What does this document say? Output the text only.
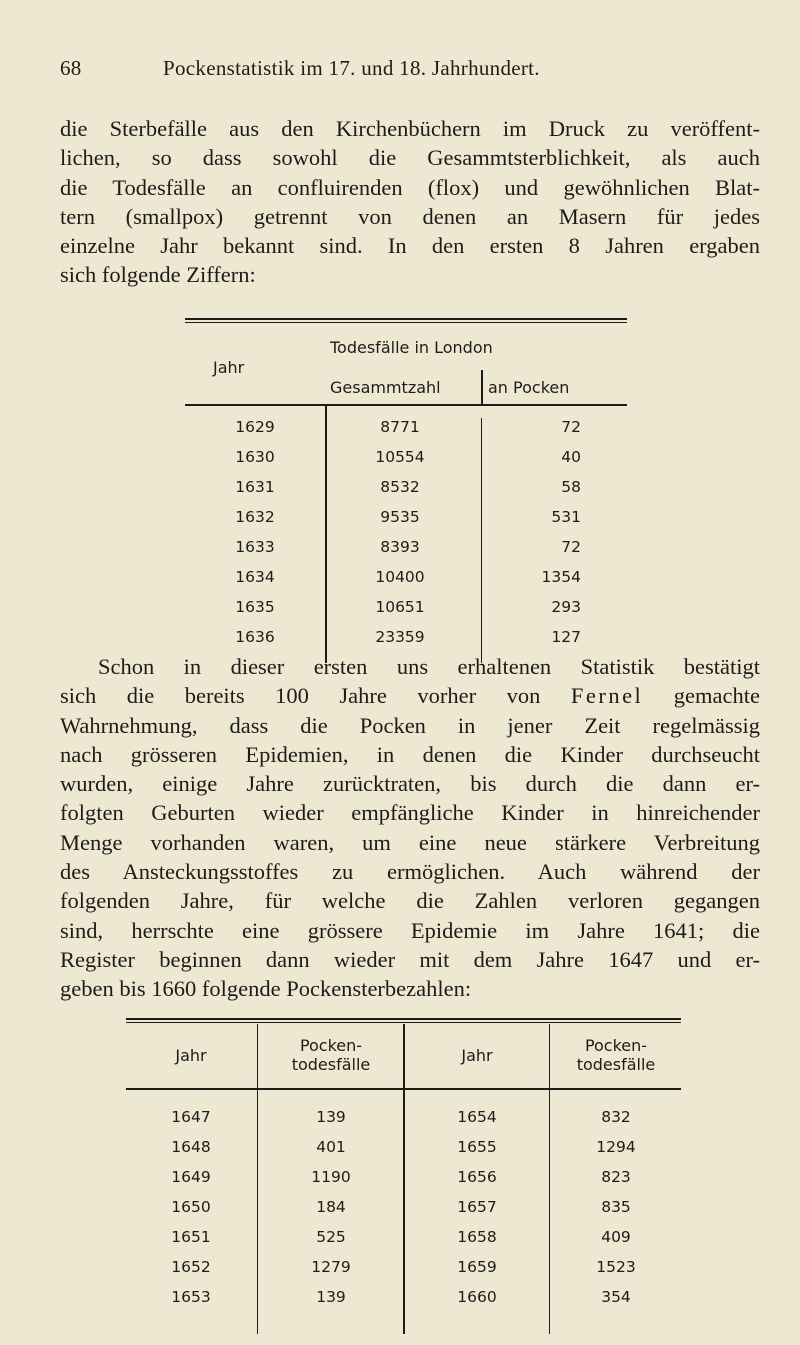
68	Pockenstatistik im 17. und 18. Jahrhundert.
die Sterbefälle aus den Kirchenbüchern im Druck zu veröffent-
lichen, so dass sowohl die Gesammtsterblichkeit, als auch
die Todesfälle an confluirenden (flox) und gewöhnlichen Blat-
tern (smallpox) getrennt von denen an Masern für jedes
einzelne Jahr bekannt sind. In den ersten 8 Jahren ergaben
sich folgende Ziffern:
Jahr
Todesfälle in London
Gesammtzahl	an Pocken
1629	8771	72
1630	10554	40
1631	8532	58
1632	9535	531
1633	8393	72
1634	10400	1354
1635	10651	293
1636	23359	127
Schon in dieser ersten uns erhaltenen Statistik bestätigt
sich die bereits 100 Jahre vorher von Fernel gemachte
Wahrnehmung, dass die Pocken in jener Zeit regelmässig
nach grösseren Epidemien, in denen die Kinder durchseucht
wurden, einige Jahre zurücktraten, bis durch die dann er-
folgten Geburten wieder empfängliche Kinder in hinreichender
Menge vorhanden waren, um eine neue stärkere Verbreitung
des Ansteckungsstoffes zu ermöglichen. Auch während der
folgenden Jahre, für welche die Zahlen verloren gegangen
sind, herrschte eine grössere Epidemie im Jahre 1641; die
Register beginnen dann wieder mit dem Jahre 1647 und er-
geben bis 1660 folgende Pockensterbezahlen:
Jahr
Pocken-
todesfälle	Jahr
Pocken-
todesfälle
1647	139	1654	832
1648	401	1655	1294
1649	1190	1656	823
1650	184	1657	835
1651	525	1658	409
1652	1279	1659	1523
1653	139	1660	354
